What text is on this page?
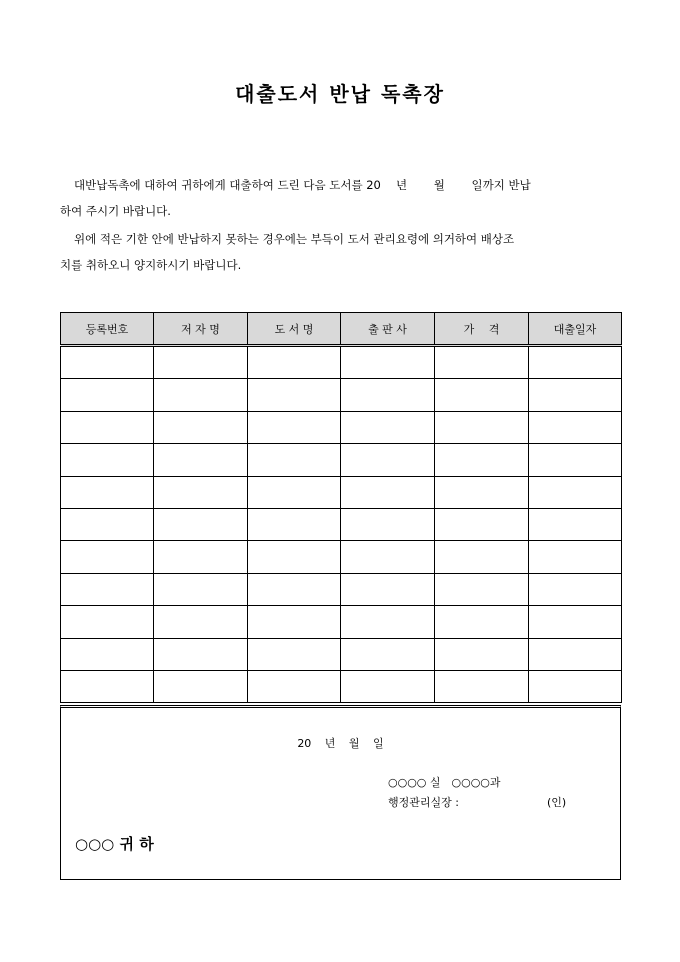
대출도서 반납 독촉장
대반납독촉에 대하여 귀하에게 대출하여 드린 다음 도서를 20　 년　 　월　 　일까지 반납
하여 주시기 바랍니다.
위에 적은 기한 안에 반납하지 못하는 경우에는 부득이 도서 관리요령에 의거하여 배상조
치를 취하오니 양지하시기 바랍니다.
등록번호	저 자 명	도 서 명	출 판 사	가　 격	대출일자

20 년 월 일
○○○○ 실　○○○○과
행정관리실장 :	(인)
○○○ 귀 하
